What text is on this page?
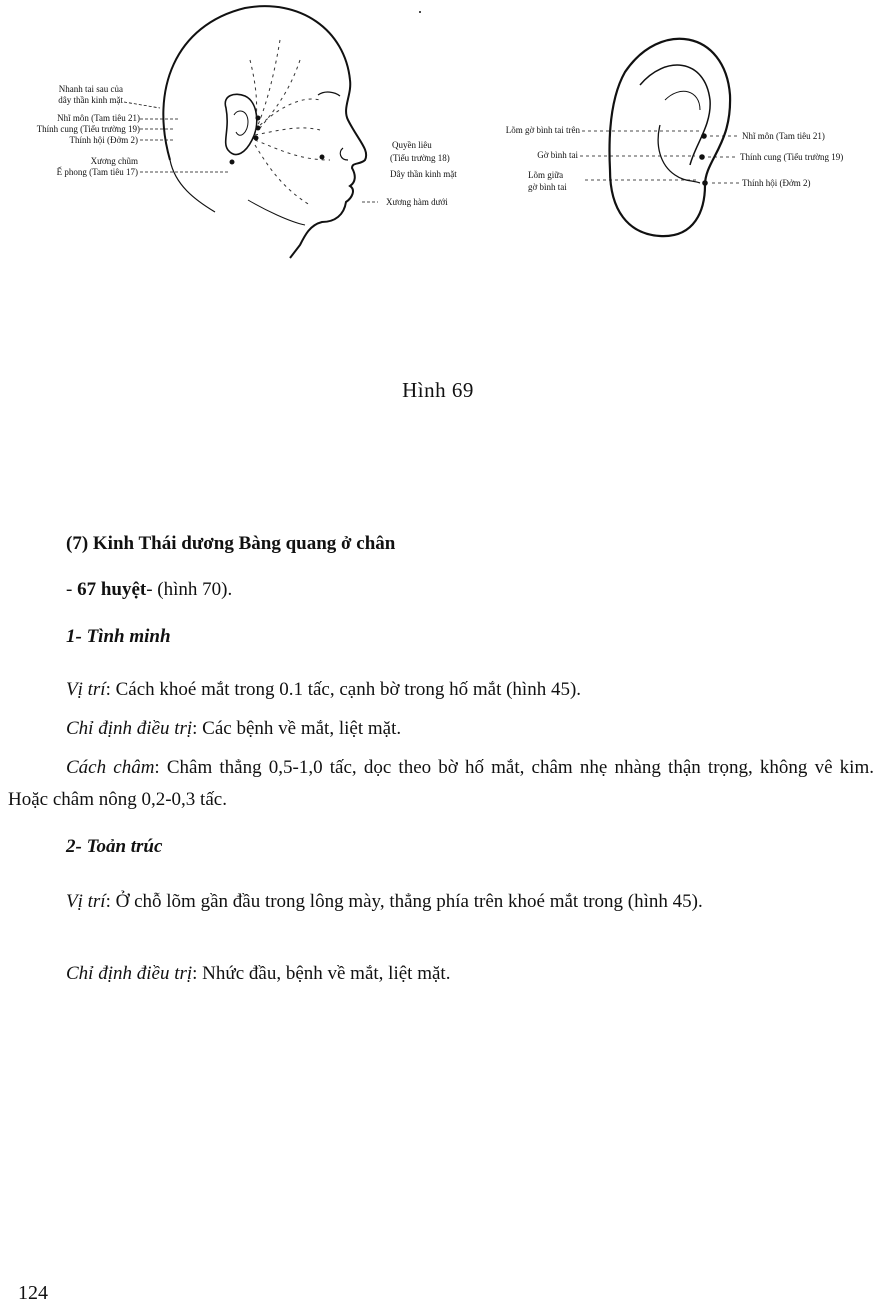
Nhanh tai sau của
dây thần kinh mặt
Nhĩ môn (Tam tiêu 21)
Thính cung (Tiểu trường 19)
Thính hội (Đởm 2)
Xương chũm
Ế phong (Tam tiêu 17)
Quyền liêu
(Tiểu trường 18)
Dây thần kinh mặt
Xương hàm dưới
Lõm gờ bình tai trên
Gờ bình tai
Lõm giữa
gờ bình tai
Nhĩ môn (Tam tiêu 21)
Thính cung (Tiểu trường 19)
Thính hội (Đởm 2)
Hình 69
(7) Kinh Thái dương Bàng quang ở chân
- 67 huyệt- (hình 70).
1- Tình minh
Vị trí: Cách khoé mắt trong 0.1 tấc, cạnh bờ trong hố mắt (hình 45).
Chỉ định điều trị: Các bệnh về mắt, liệt mặt.
Cách châm: Châm thẳng 0,5-1,0 tấc, dọc theo bờ hố mắt, châm nhẹ nhàng thận trọng, không vê kim. Hoặc châm nông 0,2-0,3 tấc.
2- Toản trúc
Vị trí: Ở chỗ lõm gần đầu trong lông mày, thẳng phía trên khoé mắt trong (hình 45).
Chỉ định điều trị: Nhức đầu, bệnh về mắt, liệt mặt.
124
